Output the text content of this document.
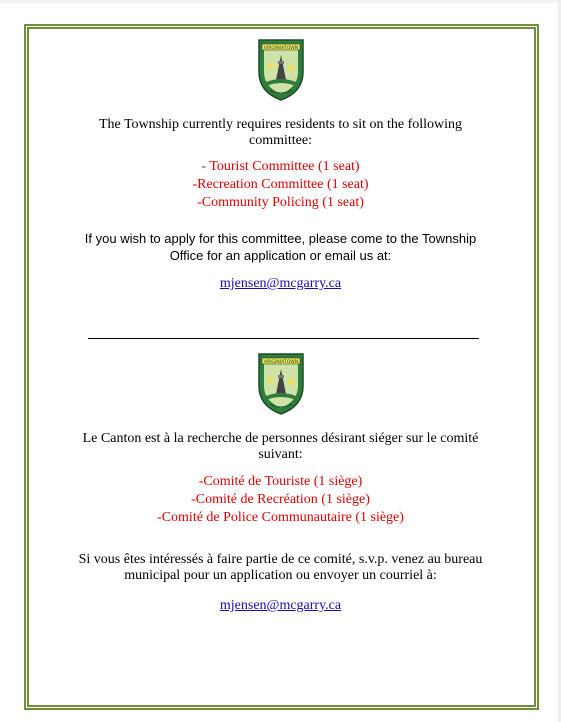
VIRGINIATOWN
The Township currently requires residents to sit on the following
committee:
- Tourist Committee (1 seat)
-Recreation Committee (1 seat)
-Community Policing (1 seat)
If you wish to apply for this committee, please come to the Township
Office for an application or email us at:
mjensen@mcgarry.ca
VIRGINIATOWN
Le Canton est à la recherche de personnes désirant siéger sur le comité
suivant:
-Comité de Touriste (1 siège)
-Comité de Recréation (1 siège)
-Comité de Police Communautaire (1 siège)
Si vous êtes intéressés à faire partie de ce comité, s.v.p. venez au bureau
municipal pour un application ou envoyer un courriel à:
mjensen@mcgarry.ca
